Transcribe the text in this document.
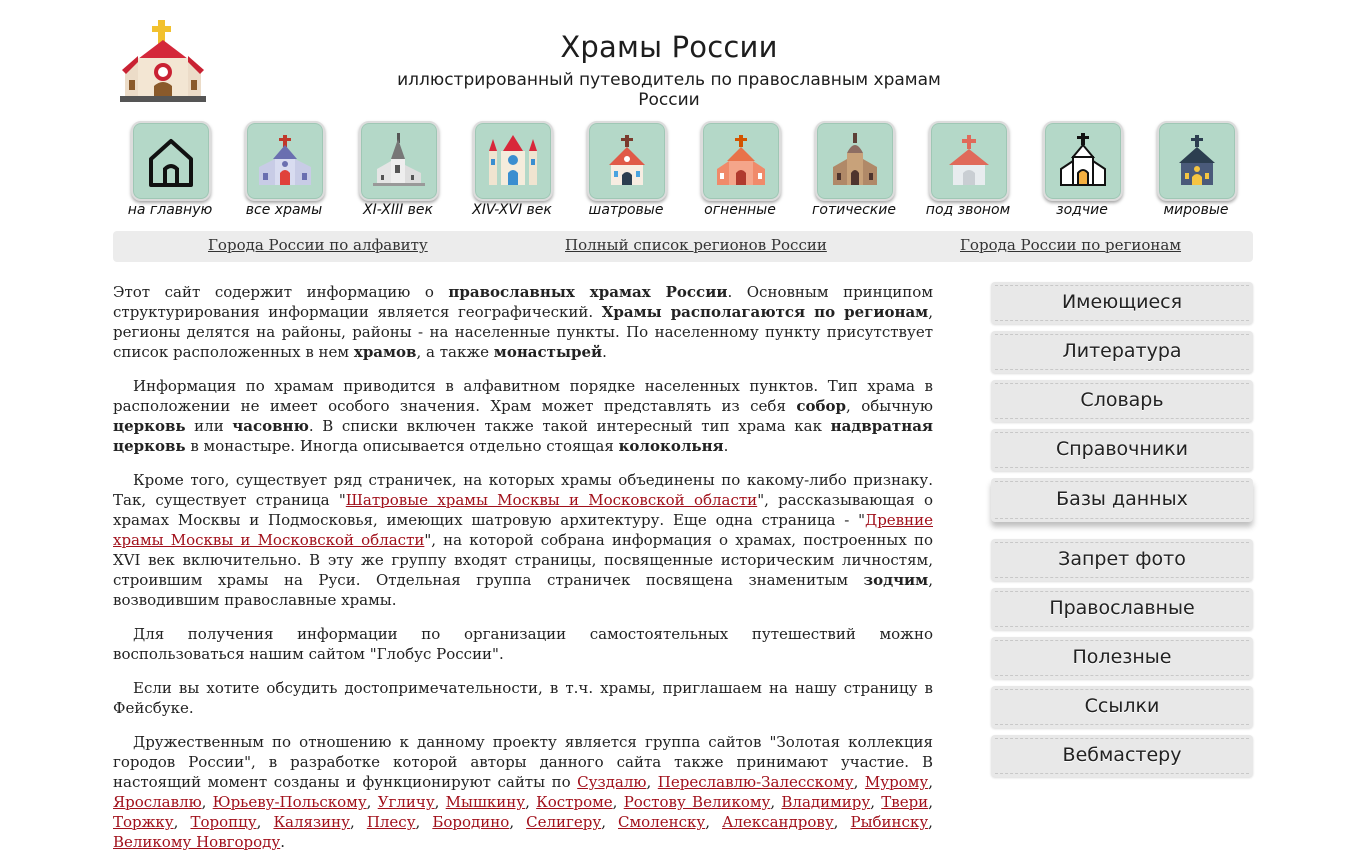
Храмы России
иллюстрированный путеводитель по православным храмам России
на главную	все храмы	XI-XIII век	XIV-XVI век	шатровые	огненные	готические	под звоном	зодчие	мировые
Города России по алфавиту	Полный список регионов России	Города России по регионам

Этот сайт содержит информацию о православных храмах России. Основным принципом структурирования информации является географический. Храмы располагаются по регионам, регионы делятся на районы, районы - на населенные пункты. По населенному пункту присутствует список расположенных в нем храмов, а также монастырей.

Информация по храмам приводится в алфавитном порядке населенных пунктов. Тип храма в расположении не имеет особого значения. Храм может представлять из себя собор, обычную церковь или часовню. В списки включен также такой интересный тип храма как надвратная церковь в монастыре. Иногда описывается отдельно стоящая колокольня.

Кроме того, существует ряд страничек, на которых храмы объединены по какому-либо признаку. Так, существует страница "Шатровые храмы Москвы и Московской области", рассказывающая о храмах Москвы и Подмосковья, имеющих шатровую архитектуру. Еще одна страница - "Древние храмы Москвы и Московской области", на которой собрана информация о храмах, построенных по XVI век включительно. В эту же группу входят страницы, посвященные историческим личностям, строившим храмы на Руси. Отдельная группа страничек посвящена знаменитым зодчим, возводившим православные храмы.

Для получения информации по организации самостоятельных путешествий можно воспользоваться нашим сайтом "Глобус России".

Если вы хотите обсудить достопримечательности, в т.ч. храмы, приглашаем на нашу страницу в Фейсбуке.

Дружественным по отношению к данному проекту является группа сайтов "Золотая коллекция городов России", в разработке которой авторы данного сайта также принимают участие. В настоящий момент созданы и функционируют сайты по Суздалю, Переславлю-Залесскому, Мурому, Ярославлю, Юрьеву-Польскому, Угличу, Мышкину, Костроме, Ростову Великому, Владимиру, Твери, Торжку, Торопцу, Калязину, Плесу, Бородино, Селигеру, Смоленску, Александрову, Рыбинску, Великому Новгороду.

Имеющиеся
Литература
Словарь
Справочники
Базы данных
Запрет фото
Православные
Полезные
Ссылки
Вебмастеру
